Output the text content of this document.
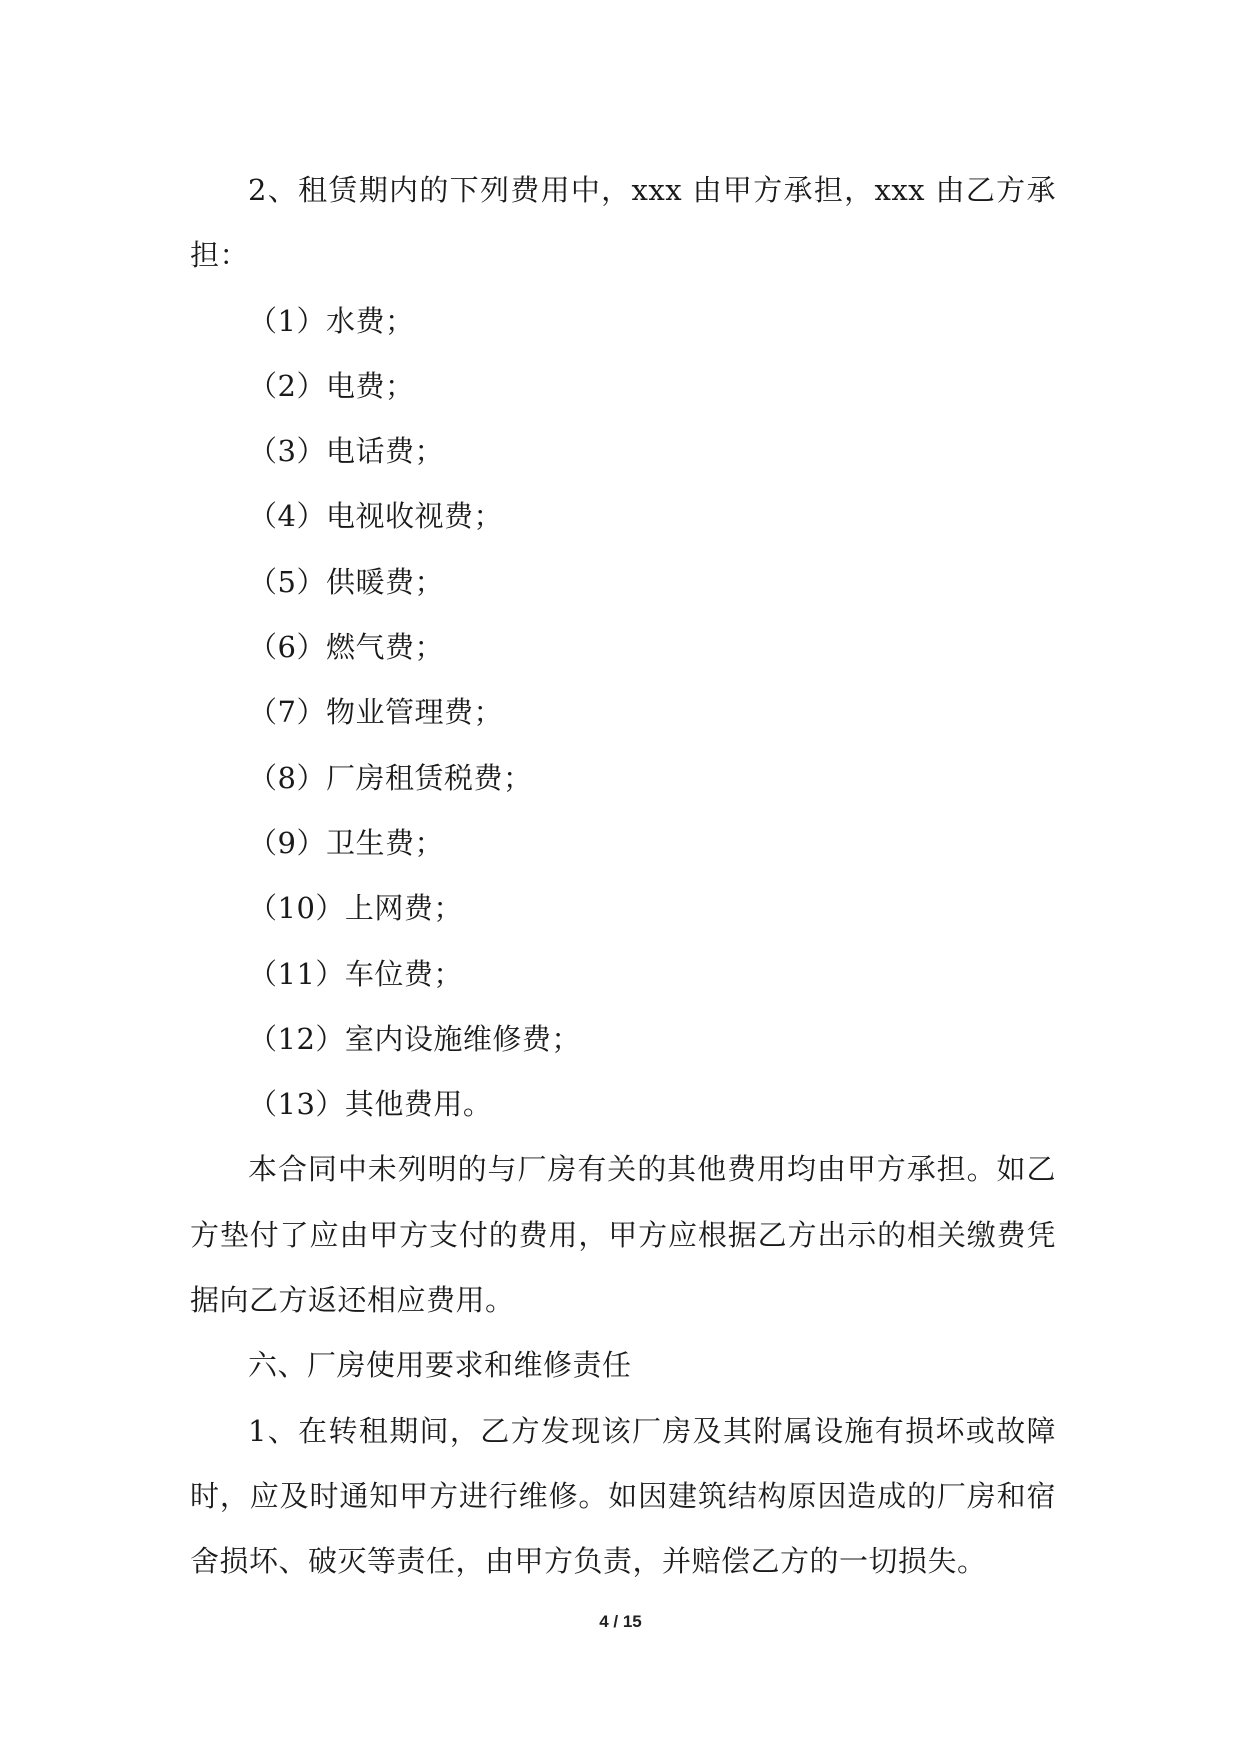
2、租赁期内的下列费用中，xxx 由甲方承担，xxx 由乙方承担：

（1）水费；

（2）电费；

（3）电话费；

（4）电视收视费；

（5）供暖费；

（6）燃气费；

（7）物业管理费；

（8）厂房租赁税费；

（9）卫生费；

（10）上网费；

（11）车位费；

（12）室内设施维修费；

（13）其他费用。

本合同中未列明的与厂房有关的其他费用均由甲方承担。如乙方垫付了应由甲方支付的费用，甲方应根据乙方出示的相关缴费凭据向乙方返还相应费用。

六、厂房使用要求和维修责任

1、在转租期间，乙方发现该厂房及其附属设施有损坏或故障时，应及时通知甲方进行维修。如因建筑结构原因造成的厂房和宿舍损坏、破灭等责任，由甲方负责，并赔偿乙方的一切损失。

4 / 15
